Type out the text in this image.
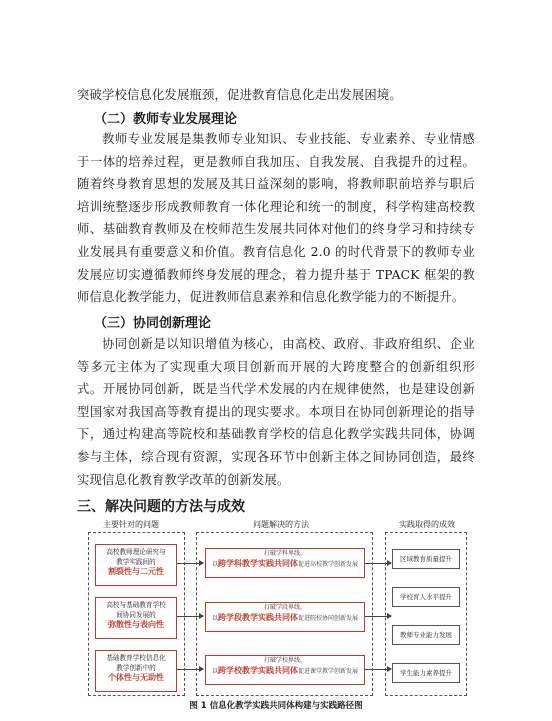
突破学校信息化发展瓶颈，促进教育信息化走出发展困境。
（二）教师专业发展理论
教师专业发展是集教师专业知识、专业技能、专业素养、专业情感于一体的培养过程，更是教师自我加压、自我发展、自我提升的过程。随着终身教育思想的发展及其日益深刻的影响，将教师职前培养与职后培训统整逐步形成教师教育一体化理论和统一的制度，科学构建高校教师、基础教育教师及在校师范生发展共同体对他们的终身学习和持续专业发展具有重要意义和价值。教育信息化 2.0 的时代背景下的教师专业发展应切实遵循教师终身发展的理念，着力提升基于 TPACK 框架的教师信息化教学能力，促进教师信息素养和信息化教学能力的不断提升。
（三）协同创新理论
协同创新是以知识增值为核心，由高校、政府、非政府组织、企业等多元主体为了实现重大项目创新而开展的大跨度整合的创新组织形式。开展协同创新，既是当代学术发展的内在规律使然，也是建设创新型国家对我国高等教育提出的现实要求。本项目在协同创新理论的指导下，通过构建高等院校和基础教育学校的信息化教学实践共同体，协调参与主体，综合现有资源，实现各环节中创新主体之间协同创造，最终实现信息化教育教学改革的创新发展。
三、解决问题的方法与成效
主要针对的问题	问题解决的方法	实践取得的成效
高校教师理论研究与
教学实践间的
割裂性与二元性
高校与基础教育学校
间协同发展的
弥散性与表向性
基础教育学校信息化
教学创新中的
个体性与无助性
打破学科界线，
以跨学科教学实践共同体促进高校教学创新发展
打破学段界线，
以跨学段教学实践共同体促进院校协同创新发展
打破学校界线，
以跨学校教学实践共同体促进课堂教学创新发展
区域教育质量提升
学校育人水平提升
教师专业能力发展
学生能力素养提升
图 1 信息化教学实践共同体构建与实践路径图
